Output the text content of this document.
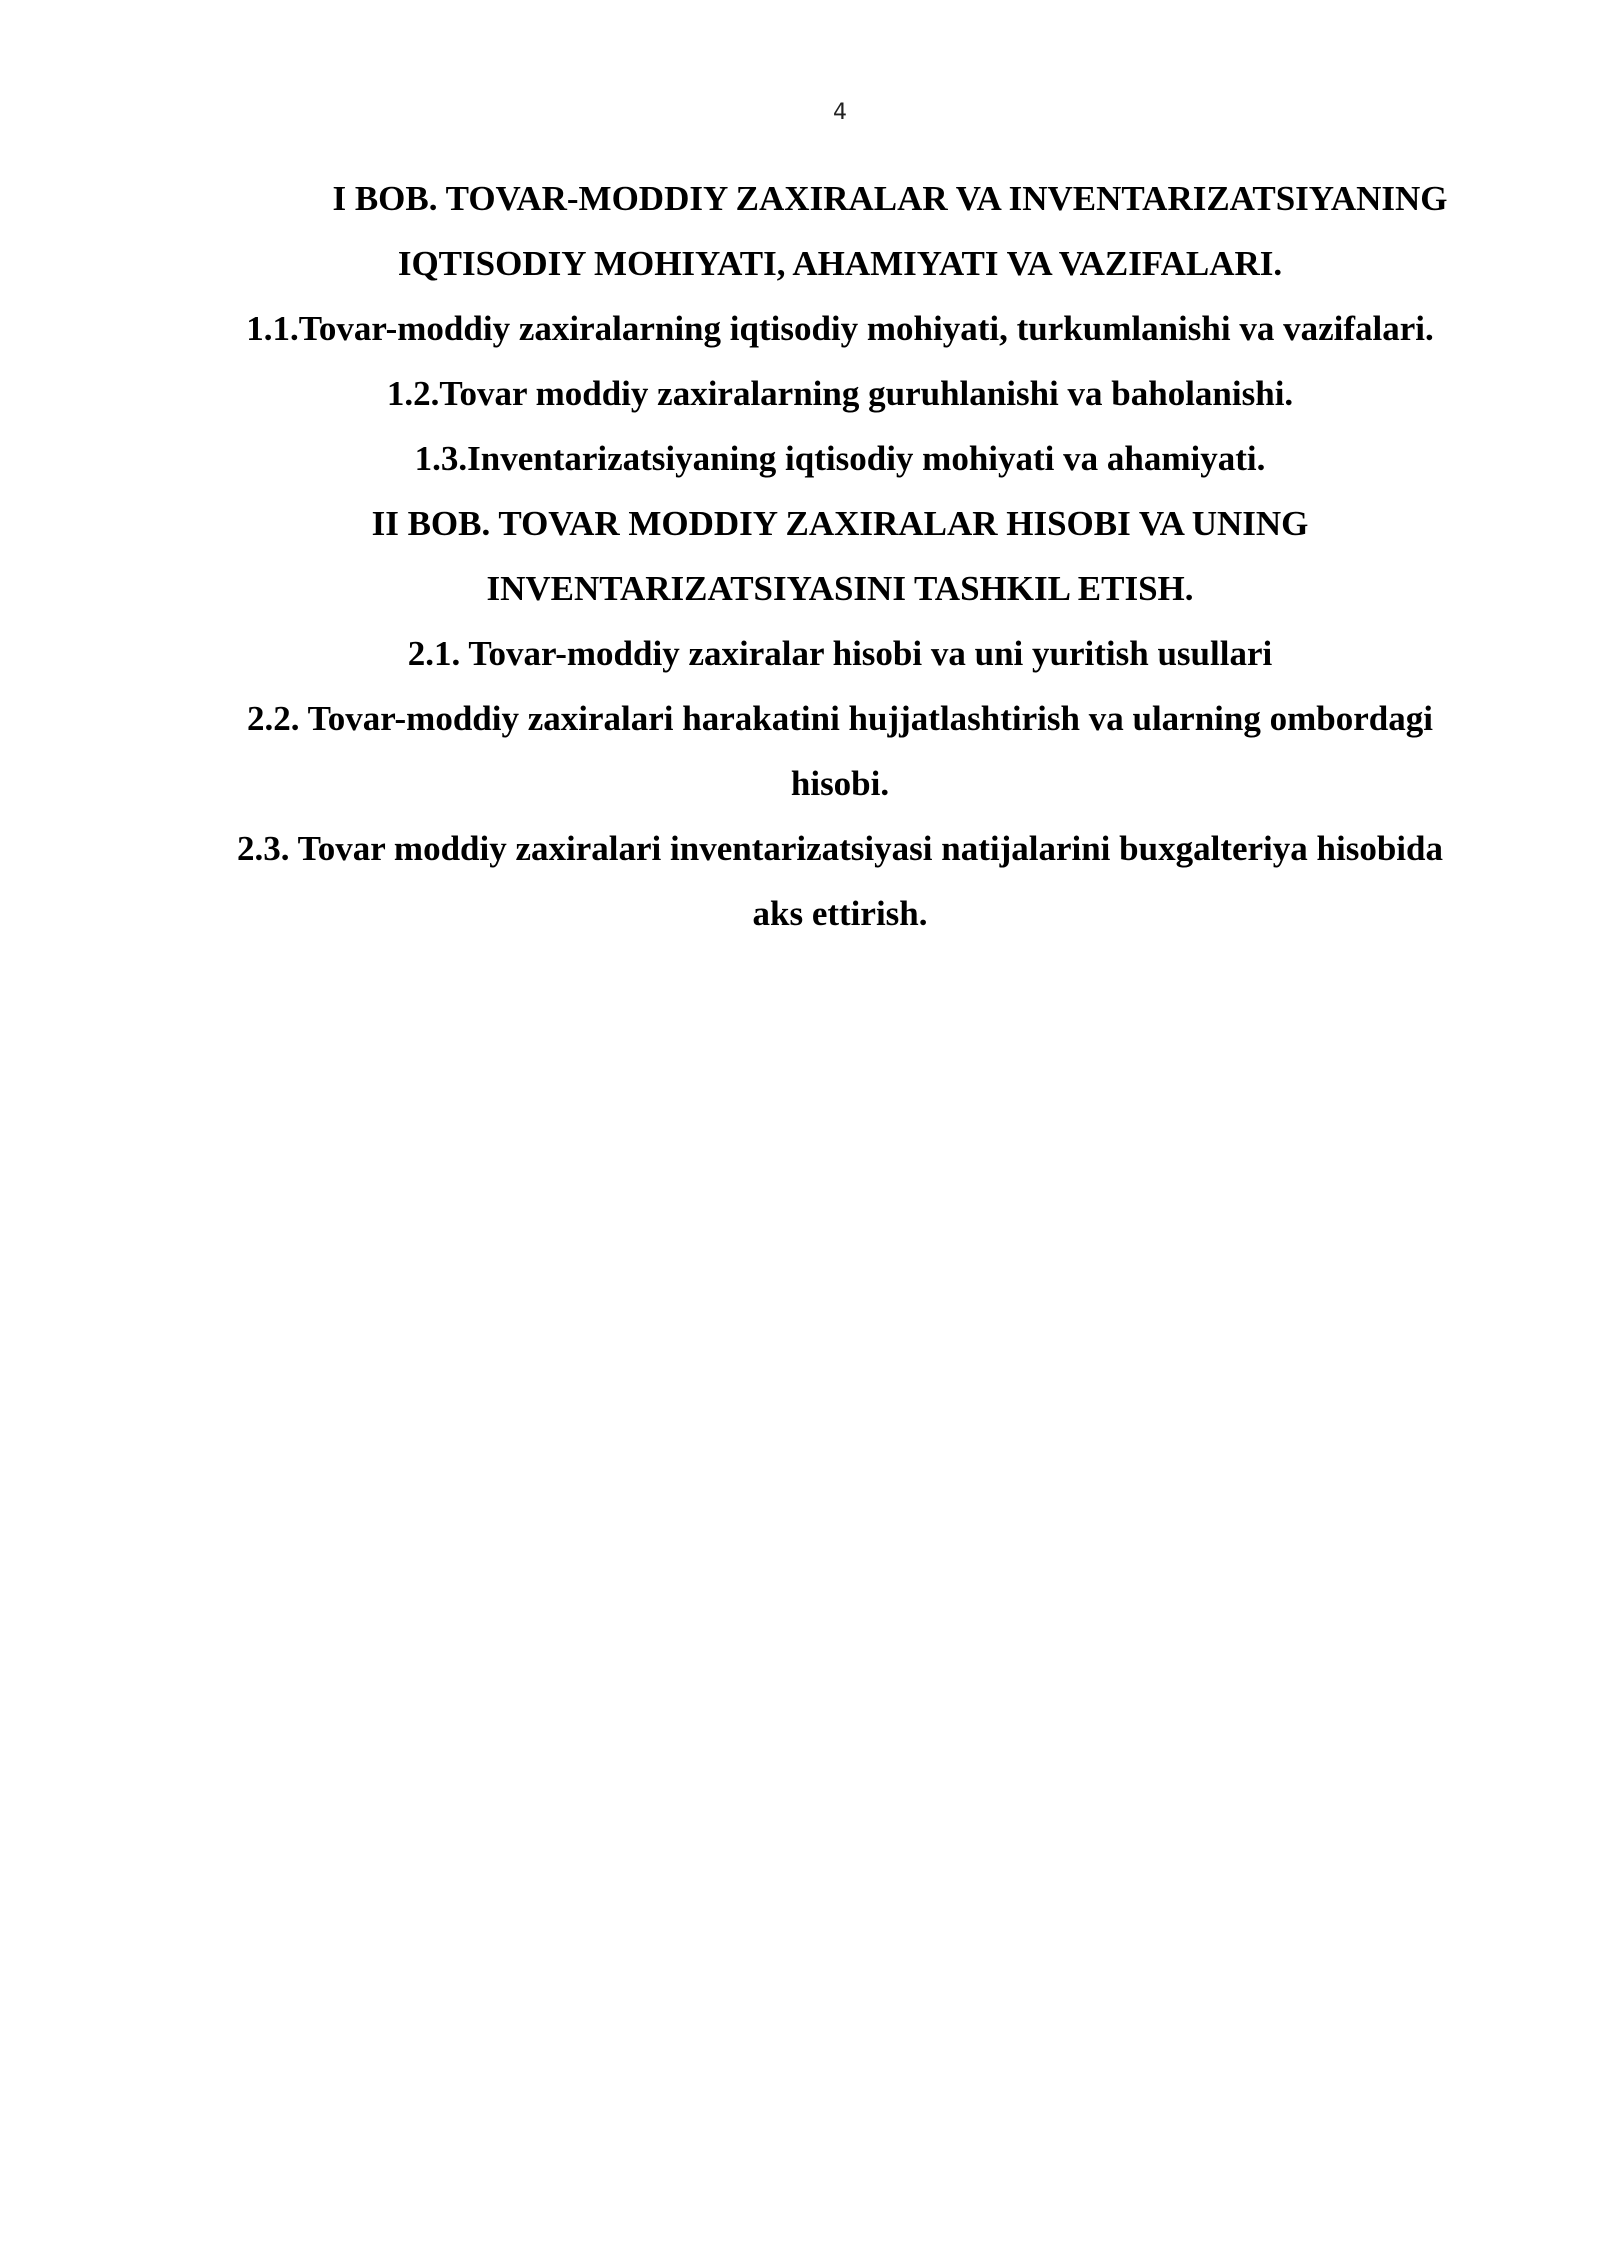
4

I BOB. TOVAR-MODDIY ZAXIRALAR VA INVENTARIZATSIYANING IQTISODIY MOHIYATI, AHAMIYATI VA VAZIFALARI.

1.1.Tovar-moddiy zaxiralarning iqtisodiy mohiyati, turkumlanishi va vazifalari.

1.2.Tovar moddiy zaxiralarning guruhlanishi va baholanishi.

1.3.Inventarizatsiyaning iqtisodiy mohiyati va ahamiyati.

II BOB. TOVAR MODDIY ZAXIRALAR HISOBI VA UNING INVENTARIZATSIYASINI TASHKIL ETISH.

2.1. Tovar-moddiy zaxiralar hisobi va uni yuritish usullari

2.2. Tovar-moddiy zaxiralari harakatini hujjatlashtirish va ularning ombordagi hisobi.

2.3. Tovar moddiy zaxiralari inventarizatsiyasi natijalarini buxgalteriya hisobida aks ettirish.
